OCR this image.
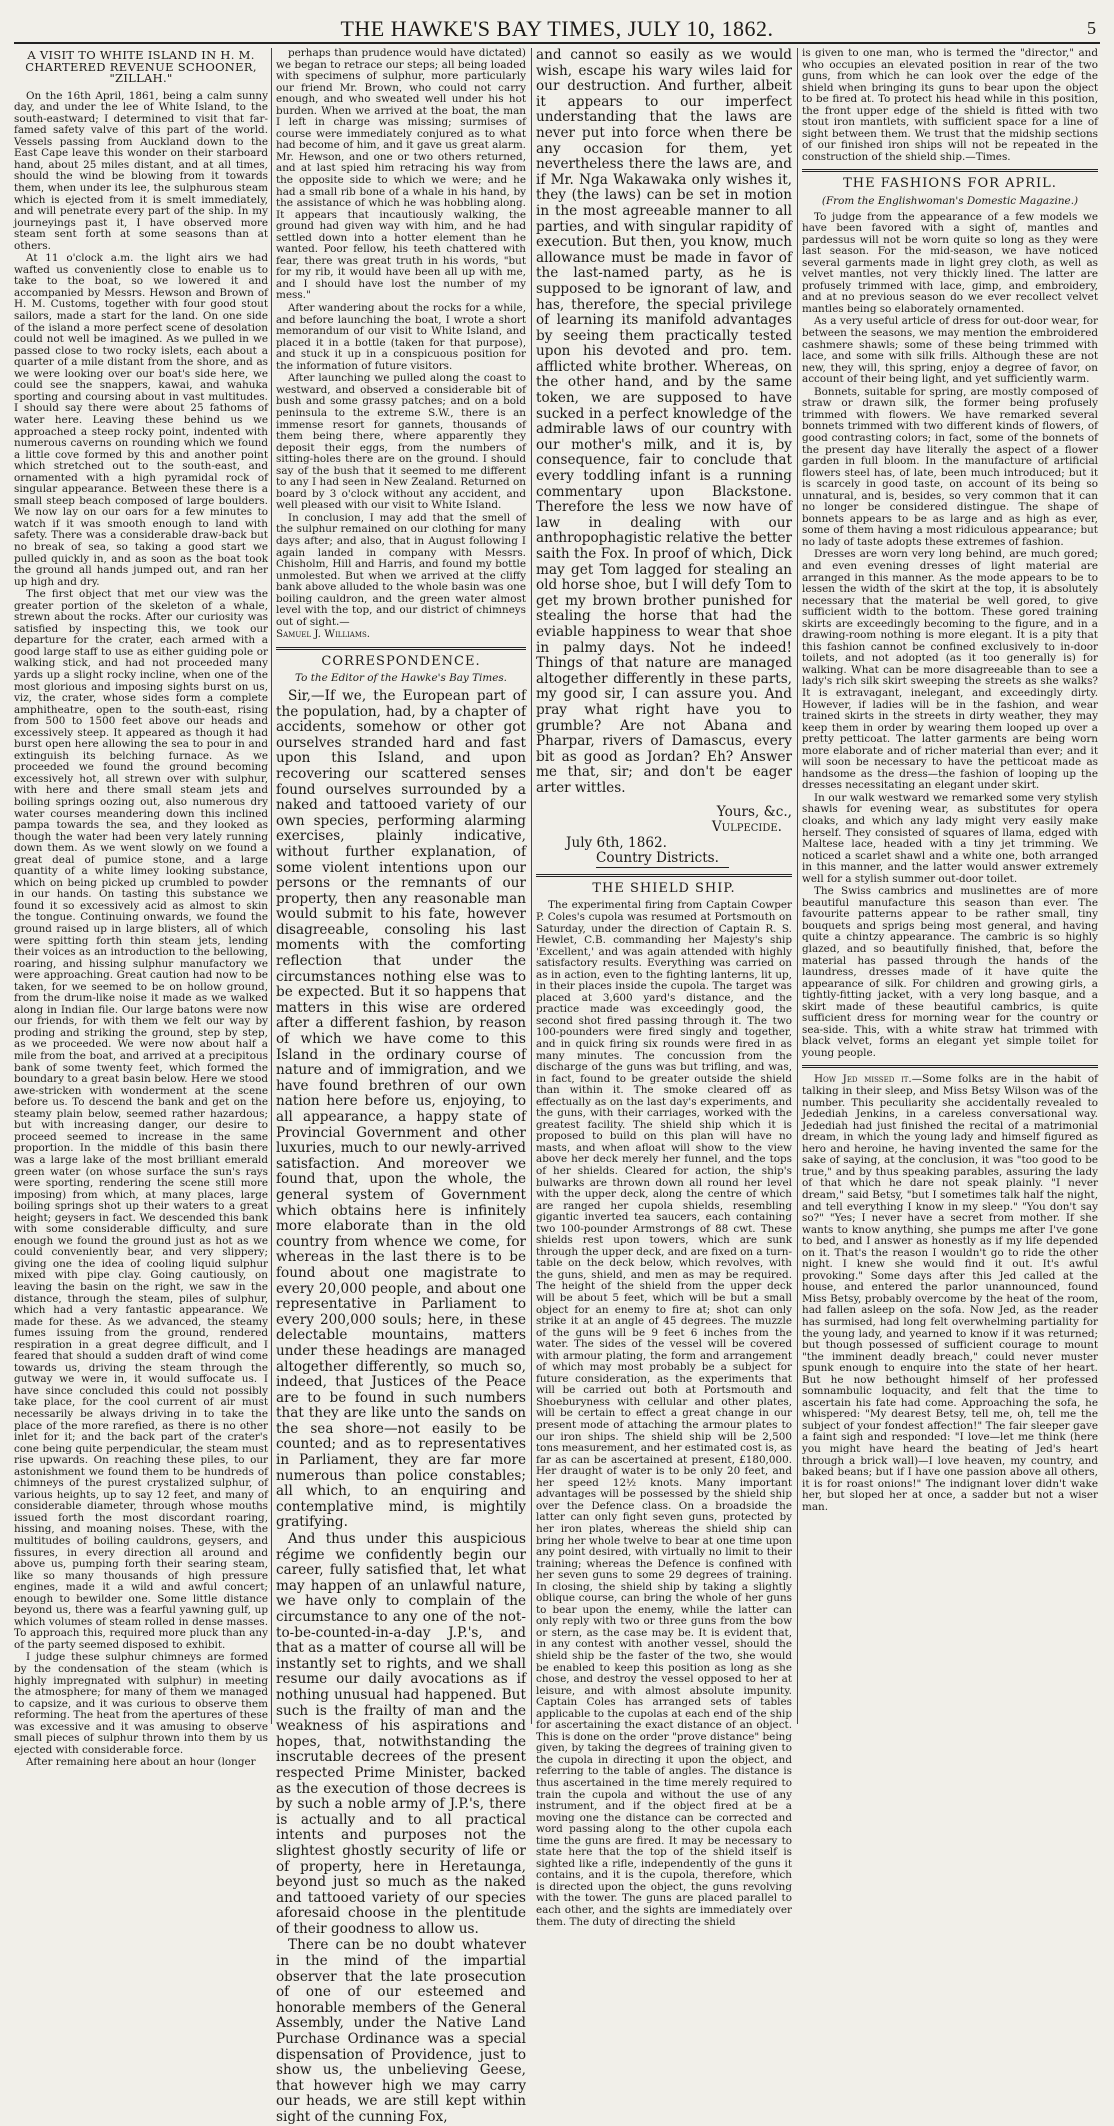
THE HAWKE'S BAY TIMES, JULY 10, 1862.	5
A VISIT TO WHITE ISLAND IN H. M. CHARTERED REVENUE SCHOONER, "ZILLAH."

On the 16th April, 1861, being a calm sunny day, and under the lee of White Island, to the south-eastward; I determined to visit that far-famed safety valve of this part of the world. Vessels passing from Auckland down to the East Cape leave this wonder on their starboard hand, about 25 miles distant, and at all times, should the wind be blowing from it towards them, when under its lee, the sulphurous steam which is ejected from it is smelt immediately, and will penetrate every part of the ship. In my journeyings past it, I have observed more steam sent forth at some seasons than at others.

At 11 o'clock a.m. the light airs we had wafted us conveniently close to enable us to take to the boat, so we lowered it and accompanied by Messrs. Hewson and Brown of H. M. Customs, together with four good stout sailors, made a start for the land. On one side of the island a more perfect scene of desolation could not well be imagined. As we pulled in we passed close to two rocky islets, each about a quarter of a mile distant from the shore, and as we were looking over our boat's side here, we could see the snappers, kawai, and wahuka sporting and coursing about in vast multitudes. I should say there were about 25 fathoms of water here. Leaving these behind us we approached a steep rocky point, indented with numerous caverns on rounding which we found a little cove formed by this and another point which stretched out to the south-east, and ornamented with a high pyramidal rock of singular appearance. Between these there is a small steep beach composed of large boulders. We now lay on our oars for a few minutes to watch if it was smooth enough to land with safety. There was a considerable draw-back but no break of sea, so taking a good start we pulled quickly in, and as soon as the boat took the ground all hands jumped out, and ran her up high and dry.

The first object that met our view was the greater portion of the skeleton of a whale, strewn about the rocks. After our curiosity was satisfied by inspecting this, we took our departure for the crater, each armed with a good large staff to use as either guiding pole or walking stick, and had not proceeded many yards up a slight rocky incline, when one of the most glorious and imposing sights burst on us, viz, the crater, whose sides form a complete amphitheatre, open to the south-east, rising from 500 to 1500 feet above our heads and excessively steep. It appeared as though it had burst open here allowing the sea to pour in and extinguish its belching furnace. As we proceeded we found the ground becoming excessively hot, all strewn over with sulphur, with here and there small steam jets and boiling springs oozing out, also numerous dry water courses meandering down this inclined pampa towards the sea, and they looked as though the water had been very lately running down them. As we went slowly on we found a great deal of pumice stone, and a large quantity of a white limey looking substance, which on being picked up crumbled to powder in our hands. On tasting this substance we found it so excessively acid as almost to skin the tongue. Continuing onwards, we found the ground raised up in large blisters, all of which were spitting forth thin steam jets, lending their voices as an introduction to the bellowing, roaring, and hissing sulphur manufactory we were approaching. Great caution had now to be taken, for we seemed to be on hollow ground, from the drum-like noise it made as we walked along in Indian file. Our large batons were now our friends, for with them we felt our way by proding and striking the ground, step by step, as we proceeded. We were now about half a mile from the boat, and arrived at a precipitous bank of some twenty feet, which formed the boundary to a great basin below. Here we stood awe-stricken with wonderment at the scene before us. To descend the bank and get on the steamy plain below, seemed rather hazardous; but with increasing danger, our desire to proceed seemed to increase in the same proportion. In the middle of this basin there was a large lake of the most brilliant emerald green water (on whose surface the sun's rays were sporting, rendering the scene still more imposing) from which, at many places, large boiling springs shot up their waters to a great height; geysers in fact. We descended this bank with some considerable difficulty, and sure enough we found the ground just as hot as we could conveniently bear, and very slippery; giving one the idea of cooling liquid sulphur mixed with pipe clay. Going cautiously, on leaving the basin on the right, we saw in the distance, through the steam, piles of sulphur, which had a very fantastic appearance. We made for these. As we advanced, the steamy fumes issuing from the ground, rendered respiration in a great degree difficult, and I feared that should a sudden draft of wind come towards us, driving the steam through the gutway we were in, it would suffocate us. I have since concluded this could not possibly take place, for the cool current of air must necessarily be always driving in to take the place of the more rarefied, as there is no other inlet for it; and the back part of the crater's cone being quite perpendicular, the steam must rise upwards. On reaching these piles, to our astonishment we found them to be hundreds of chimneys of the purest crystalized sulphur, of various heights, up to say 12 feet, and many of considerable diameter, through whose mouths issued forth the most discordant roaring, hissing, and moaning noises. These, with the multitudes of boiling cauldrons, geysers, and fissures, in every direction all around and above us, pumping forth their searing steam, like so many thousands of high pressure engines, made it a wild and awful concert; enough to bewilder one. Some little distance beyond us, there was a fearful yawning gulf, up which volumes of steam rolled in dense masses. To approach this, required more pluck than any of the party seemed disposed to exhibit.

I judge these sulphur chimneys are formed by the condensation of the steam (which is highly impregnated with sulphur) in meeting the atmosphere; for many of them we managed to capsize, and it was curious to observe them reforming. The heat from the apertures of these was excessive and it was amusing to observe small pieces of sulphur thrown into them by us ejected with considerable force.

After remaining here about an hour (longer

perhaps than prudence would have dictated) we began to retrace our steps; all being loaded with specimens of sulphur, more particularly our friend Mr. Brown, who could not carry enough, and who sweated well under his hot burden. When we arrived at the boat, the man I left in charge was missing; surmises of course were immediately conjured as to what had become of him, and it gave us great alarm. Mr. Hewson, and one or two others returned, and at last spied him retracing his way from the opposite side to which we were; and he had a small rib bone of a whale in his hand, by the assistance of which he was hobbling along. It appears that incautiously walking, the ground had given way with him, and he had settled down into a hotter element than he wanted. Poor fellow, his teeth chattered with fear, there was great truth in his words, "but for my rib, it would have been all up with me, and I should have lost the number of my mess."

After wandering about the rocks for a while, and before launching the boat, I wrote a short memorandum of our visit to White Island, and placed it in a bottle (taken for that purpose), and stuck it up in a conspicuous position for the information of future visitors.

After launching we pulled along the coast to westward, and observed a considerable bit of bush and some grassy patches; and on a bold peninsula to the extreme S.W., there is an immense resort for gannets, thousands of them being there, where apparently they deposit their eggs, from the numbers of sitting-holes there are on the ground. I should say of the bush that it seemed to me different to any I had seen in New Zealand. Returned on board by 3 o'clock without any accident, and well pleased with our visit to White Island.

In conclusion, I may add that the smell of the sulphur remained on our clothing for many days after; and also, that in August following I again landed in company with Messrs. Chisholm, Hill and Harris, and found my bottle unmolested. But when we arrived at the cliffy bank above alluded to the whole basin was one boiling cauldron, and the green water almost level with the top, and our district of chimneys out of sight.—

Samuel J. Williams.

CORRESPONDENCE.
To the Editor of the Hawke's Bay Times.

Sir,—If we, the European part of the population, had, by a chapter of accidents, somehow or other got ourselves stranded hard and fast upon this Island, and upon recovering our scattered senses found ourselves surrounded by a naked and tattooed variety of our own species, performing alarming exercises, plainly indicative, without further explanation, of some violent intentions upon our persons or the remnants of our property, then any reasonable man would submit to his fate, however disagreeable, consoling his last moments with the comforting reflection that under the circumstances nothing else was to be expected. But it so happens that matters in this wise are ordered after a different fashion, by reason of which we have come to this Island in the ordinary course of nature and of immigration, and we have found brethren of our own nation here before us, enjoying, to all appearance, a happy state of Provincial Government and other luxuries, much to our newly-arrived satisfaction. And moreover we found that, upon the whole, the general system of Government which obtains here is infinitely more elaborate than in the old country from whence we come, for whereas in the last there is to be found about one magistrate to every 20,000 people, and about one representative in Parliament to every 200,000 souls; here, in these delectable mountains, matters under these headings are managed altogether differently, so much so, indeed, that Justices of the Peace are to be found in such numbers that they are like unto the sands on the sea shore—not easily to be counted; and as to representatives in Parliament, they are far more numerous than police constables; all which, to an enquiring and contemplative mind, is mightily gratifying.

And thus under this auspicious régime we confidently begin our career, fully satisfied that, let what may happen of an unlawful nature, we have only to complain of the circumstance to any one of the not-to-be-counted-in-a-day J.P.'s, and that as a matter of course all will be instantly set to rights, and we shall resume our daily avocations as if nothing unusual had happened. But such is the frailty of man and the weakness of his aspirations and hopes, that, notwithstanding the inscrutable decrees of the present respected Prime Minister, backed as the execution of those decrees is by such a noble army of J.P.'s, there is actually and to all practical intents and purposes not the slightest ghostly security of life or of property, here in Heretaunga, beyond just so much as the naked and tattooed variety of our species aforesaid choose in the plentitude of their goodness to allow us.

There can be no doubt whatever in the mind of the impartial observer that the late prosecution of one of our esteemed and honorable members of the General Assembly, under the Native Land Purchase Ordinance was a special dispensation of Providence, just to show us, the unbelieving Geese, that however high we may carry our heads, we are still kept within sight of the cunning Fox,

and cannot so easily as we would wish, escape his wary wiles laid for our destruction. And further, albeit it appears to our imperfect understanding that the laws are never put into force when there be any occasion for them, yet nevertheless there the laws are, and if Mr. Nga Wakawaka only wishes it, they (the laws) can be set in motion in the most agreeable manner to all parties, and with singular rapidity of execution. But then, you know, much allowance must be made in favor of the last-named party, as he is supposed to be ignorant of law, and has, therefore, the special privilege of learning its manifold advantages by seeing them practically tested upon his devoted and pro. tem. afflicted white brother. Whereas, on the other hand, and by the same token, we are supposed to have sucked in a perfect knowledge of the admirable laws of our country with our mother's milk, and it is, by consequence, fair to conclude that every toddling infant is a running commentary upon Blackstone. Therefore the less we now have of law in dealing with our anthropophagistic relative the better saith the Fox. In proof of which, Dick may get Tom lagged for stealing an old horse shoe, but I will defy Tom to get my brown brother punished for stealing the horse that had the eviable happiness to wear that shoe in palmy days. Not he indeed! Things of that nature are managed altogether differently in these parts, my good sir, I can assure you. And pray what right have you to grumble? Are not Abana and Pharpar, rivers of Damascus, every bit as good as Jordan? Eh? Answer me that, sir; and don't be eager arter wittles.

Yours, &c.,
Vulpecide.
July 6th, 1862.
Country Districts.
THE SHIELD SHIP.

The experimental firing from Captain Cowper P. Coles's cupola was resumed at Portsmouth on Saturday, under the direction of Captain R. S. Hewlet, C.B. commanding her Majesty's ship 'Excellent,' and was again attended with highly satisfactory results. Everything was carried on as in action, even to the fighting lanterns, lit up, in their places inside the cupola. The target was placed at 3,600 yard's distance, and the practice made was exceedingly good, the second shot fired passing through it. The two 100-pounders were fired singly and together, and in quick firing six rounds were fired in as many minutes. The concussion from the discharge of the guns was but trifling, and was, in fact, found to be greater outside the shield than within it. The smoke cleared off as effectually as on the last day's experiments, and the guns, with their carriages, worked with the greatest facility. The shield ship which it is proposed to build on this plan will have no masts, and when afloat will show to the view above her deck merely her funnel, and the tops of her shields. Cleared for action, the ship's bulwarks are thrown down all round her level with the upper deck, along the centre of which are ranged her cupola shields, resembling gigantic inverted tea saucers, each containing two 100-pounder Armstrongs of 88 cwt. These shields rest upon towers, which are sunk through the upper deck, and are fixed on a turn-table on the deck below, which revolves, with the guns, shield, and men as may be required. The height of the shield from the upper deck will be about 5 feet, which will be but a small object for an enemy to fire at; shot can only strike it at an angle of 45 degrees. The muzzle of the guns will be 9 feet 6 inches from the water. The sides of the vessel will be covered with armour plating, the form and arrangement of which may most probably be a subject for future consideration, as the experiments that will be carried out both at Portsmouth and Shoeburyness with cellular and other plates, will be certain to effect a great change in our present mode of attaching the armour plates to our iron ships. The shield ship will be 2,500 tons measurement, and her estimated cost is, as far as can be ascertained at present, £180,000. Her draught of water is to be only 20 feet, and her speed 12½ knots. Many important advantages will be possessed by the shield ship over the Defence class. On a broadside the latter can only fight seven guns, protected by her iron plates, whereas the shield ship can bring her whole twelve to bear at one time upon any point desired, with virtually no limit to their training; whereas the Defence is confined with her seven guns to some 29 degrees of training. In closing, the shield ship by taking a slightly oblique course, can bring the whole of her guns to bear upon the enemy, while the latter can only reply with two or three guns from the bow or stern, as the case may be. It is evident that, in any contest with another vessel, should the shield ship be the faster of the two, she would be enabled to keep this position as long as she chose, and destroy the vessel opposed to her at leisure, and with almost absolute impunity. Captain Coles has arranged sets of tables applicable to the cupolas at each end of the ship for ascertaining the exact distance of an object. This is done on the order "prove distance" being given, by taking the degrees of training given to the cupola in directing it upon the object, and referring to the table of angles. The distance is thus ascertained in the time merely required to train the cupola and without the use of any instrument, and if the object fired at be a moving one the distance can be corrected and word passing along to the other cupola each time the guns are fired. It may be necessary to state here that the top of the shield itself is sighted like a rifle, independently of the guns it contains, and it is the cupola, therefore, which is directed upon the object, the guns revolving with the tower. The guns are placed parallel to each other, and the sights are immediately over them. The duty of directing the shield

is given to one man, who is termed the "director," and who occupies an elevated position in rear of the two guns, from which he can look over the edge of the shield when bringing its guns to bear upon the object to be fired at. To protect his head while in this position, the front upper edge of the shield is fitted with two stout iron mantlets, with sufficient space for a line of sight between them. We trust that the midship sections of our finished iron ships will not be repeated in the construction of the shield ship.—Times.

THE FASHIONS FOR APRIL.
(From the Englishwoman's Domestic Magazine.)

To judge from the appearance of a few models we have been favored with a sight of, mantles and pardessus will not be worn quite so long as they were last season. For the mid-season, we have noticed several garments made in light grey cloth, as well as velvet mantles, not very thickly lined. The latter are profusely trimmed with lace, gimp, and embroidery, and at no previous season do we ever recollect velvet mantles being so elaborately ornamented.

As a very useful article of dress for out-door wear, for between the seasons, we may mention the embroidered cashmere shawls; some of these being trimmed with lace, and some with silk frills. Although these are not new, they will, this spring, enjoy a degree of favor, on account of their being light, and yet sufficiently warm.

Bonnets, suitable for spring, are mostly composed of straw or drawn silk, the former being profusely trimmed with flowers. We have remarked several bonnets trimmed with two different kinds of flowers, of good contrasting colors; in fact, some of the bonnets of the present day have literally the aspect of a flower garden in full bloom. In the manufacture of artificial flowers steel has, of late, been much introduced; but it is scarcely in good taste, on account of its being so unnatural, and is, besides, so very common that it can no longer be considered distingue. The shape of bonnets appears to be as large and as high as ever, some of them having a most ridiculous appearance; but no lady of taste adopts these extremes of fashion.

Dresses are worn very long behind, are much gored; and even evening dresses of light material are arranged in this manner. As the mode appears to be to lessen the width of the skirt at the top, it is absolutely necessary that the material be well gored, to give sufficient width to the bottom. These gored training skirts are exceedingly becoming to the figure, and in a drawing-room nothing is more elegant. It is a pity that this fashion cannot be confined exclusively to in-door toilets, and not adopted (as it too generally is) for walking. What can be more disagreeable than to see a lady's rich silk skirt sweeping the streets as she walks? It is extravagant, inelegant, and exceedingly dirty. However, if ladies will be in the fashion, and wear trained skirts in the streets in dirty weather, they may keep them in order by wearing them looped up over a pretty petticoat. The latter garments are being worn more elaborate and of richer material than ever; and it will soon be necessary to have the petticoat made as handsome as the dress—the fashion of looping up the dresses necessitating an elegant under skirt.

In our walk westward we remarked some very stylish shawls for evening wear, as substitutes for opera cloaks, and which any lady might very easily make herself. They consisted of squares of llama, edged with Maltese lace, headed with a tiny jet trimming. We noticed a scarlet shawl and a white one, both arranged in this manner, and the latter would answer extremely well for a stylish summer out-door toilet.

The Swiss cambrics and muslinettes are of more beautiful manufacture this season than ever. The favourite patterns appear to be rather small, tiny bouquets and sprigs being most general, and having quite a chintzy appearance. The cambric is so highly glazed, and so beautifully finished, that, before the material has passed through the hands of the laundress, dresses made of it have quite the appearance of silk. For children and growing girls, a tightly-fitting jacket, with a very long basque, and a skirt made of these beautiful cambrics, is quite sufficient dress for morning wear for the country or sea-side. This, with a white straw hat trimmed with black velvet, forms an elegant yet simple toilet for young people.

How Jed missed it.—Some folks are in the habit of talking in their sleep, and Miss Betsy Wilson was of the number. This peculiarity she accidentally revealed to Jedediah Jenkins, in a careless conversational way. Jedediah had just finished the recital of a matrimonial dream, in which the young lady and himself figured as hero and heroine, he having invented the same for the sake of saying, at the conclusion, it was "too good to be true," and by thus speaking parables, assuring the lady of that which he dare not speak plainly. "I never dream," said Betsy, "but I sometimes talk half the night, and tell everything I know in my sleep." "You don't say so?" "Yes; I never have a secret from mother. If she wants to know anything, she pumps me after I've gone to bed, and I answer as honestly as if my life depended on it. That's the reason I wouldn't go to ride the other night. I knew she would find it out. It's awful provoking." Some days after this Jed called at the house, and entered the parlor unannounced, found Miss Betsy, probably overcome by the heat of the room, had fallen asleep on the sofa. Now Jed, as the reader has surmised, had long felt overwhelming partiality for the young lady, and yearned to know if it was returned; but though possessed of sufficient courage to mount "the imminent deadly breach," could never muster spunk enough to enquire into the state of her heart. But he now bethought himself of her professed somnambulic loquacity, and felt that the time to ascertain his fate had come. Approaching the sofa, he whispered: "My dearest Betsy, tell me, oh, tell me the subject of your fondest affection!" The fair sleeper gave a faint sigh and responded: "I love—let me think (here you might have heard the beating of Jed's heart through a brick wall)—I love heaven, my country, and baked beans; but if I have one passion above all others, it is for roast onions!" The indignant lover didn't wake her, but sloped her at once, a sadder but not a wiser man.
